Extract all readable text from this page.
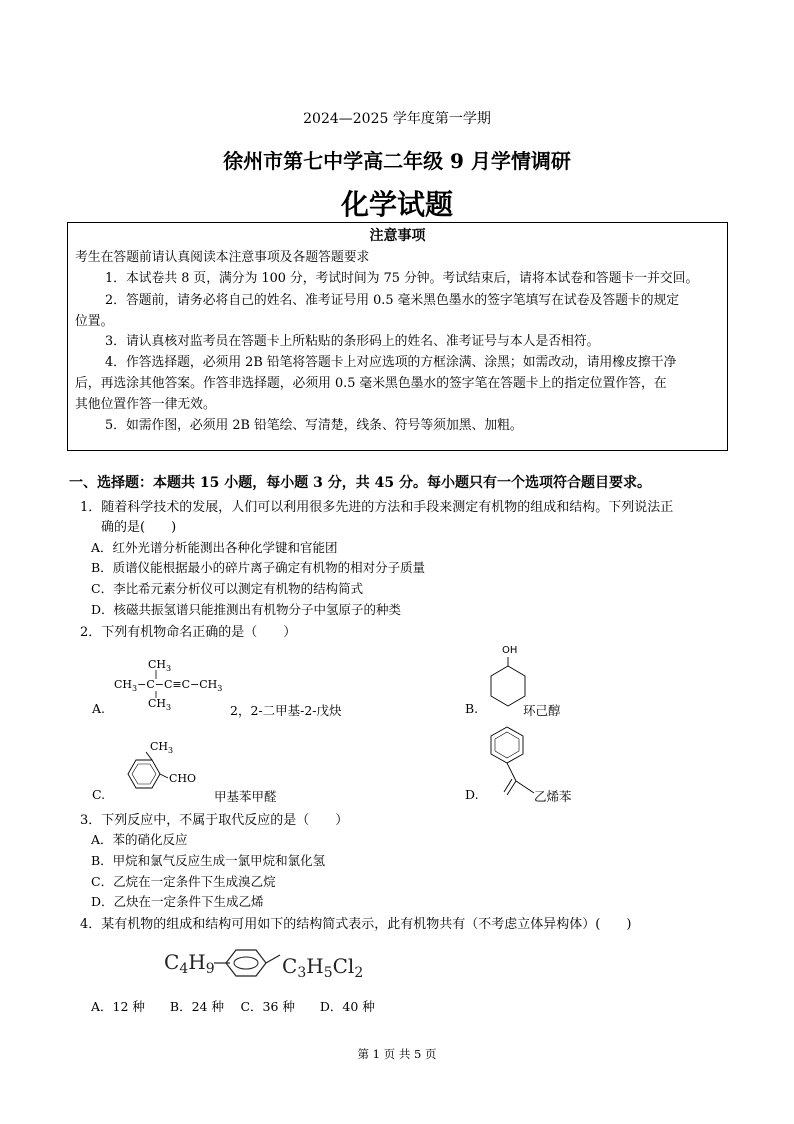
2024—2025 学年度第一学期
徐州市第七中学高二年级 9 月学情调研
化学试题
注意事项
考生在答题前请认真阅读本注意事项及各题答题要求
1．本试卷共 8 页，满分为 100 分，考试时间为 75 分钟。考试结束后，请将本试卷和答题卡一并交回。
2．答题前，请务必将自己的姓名、准考证号用 0.5 毫米黑色墨水的签字笔填写在试卷及答题卡的规定
位置。
3．请认真核对监考员在答题卡上所粘贴的条形码上的姓名、准考证号与本人是否相符。
4．作答选择题，必须用 2B 铅笔将答题卡上对应选项的方框涂满、涂黑；如需改动，请用橡皮擦干净
后，再选涂其他答案。作答非选择题，必须用 0.5 毫米黑色墨水的签字笔在答题卡上的指定位置作答，在
其他位置作答一律无效。
5．如需作图，必须用 2B 铅笔绘、写清楚，线条、符号等须加黑、加粗。
一、选择题：本题共 15 小题，每小题 3 分，共 45 分。每小题只有一个选项符合题目要求。
1．随着科学技术的发展，人们可以利用很多先进的方法和手段来测定有机物的组成和结构。下列说法正
确的是(　　)
A．红外光谱分析能测出各种化学键和官能团
B．质谱仪能根据最小的碎片离子确定有机物的相对分子质量
C．李比希元素分析仪可以测定有机物的结构简式
D．核磁共振氢谱只能推测出有机物分子中氢原子的种类
2．下列有机物命名正确的是（　　）
$CH_3$
$CH_3-C-C\equiv C-CH_3$
$CH_3$
A.	2，2-二甲基-2-戊炔
OH
B.	环己醇
$CH_3$
CHO
C.	甲基苯甲醛	D.	乙烯苯
3．下列反应中，不属于取代反应的是（　　）
A．苯的硝化反应
B．甲烷和氯气反应生成一氯甲烷和氯化氢
C．乙烷在一定条件下生成溴乙烷
D．乙炔在一定条件下生成乙烯
4．某有机物的组成和结构可用如下的结构简式表示，此有机物共有（不考虑立体异构体）(　　)
$C_4H_9$	$C_3H_5Cl_2$
A．12 种　　B．24 种　 C．36 种　　D．40 种
第 1 页 共 5 页
